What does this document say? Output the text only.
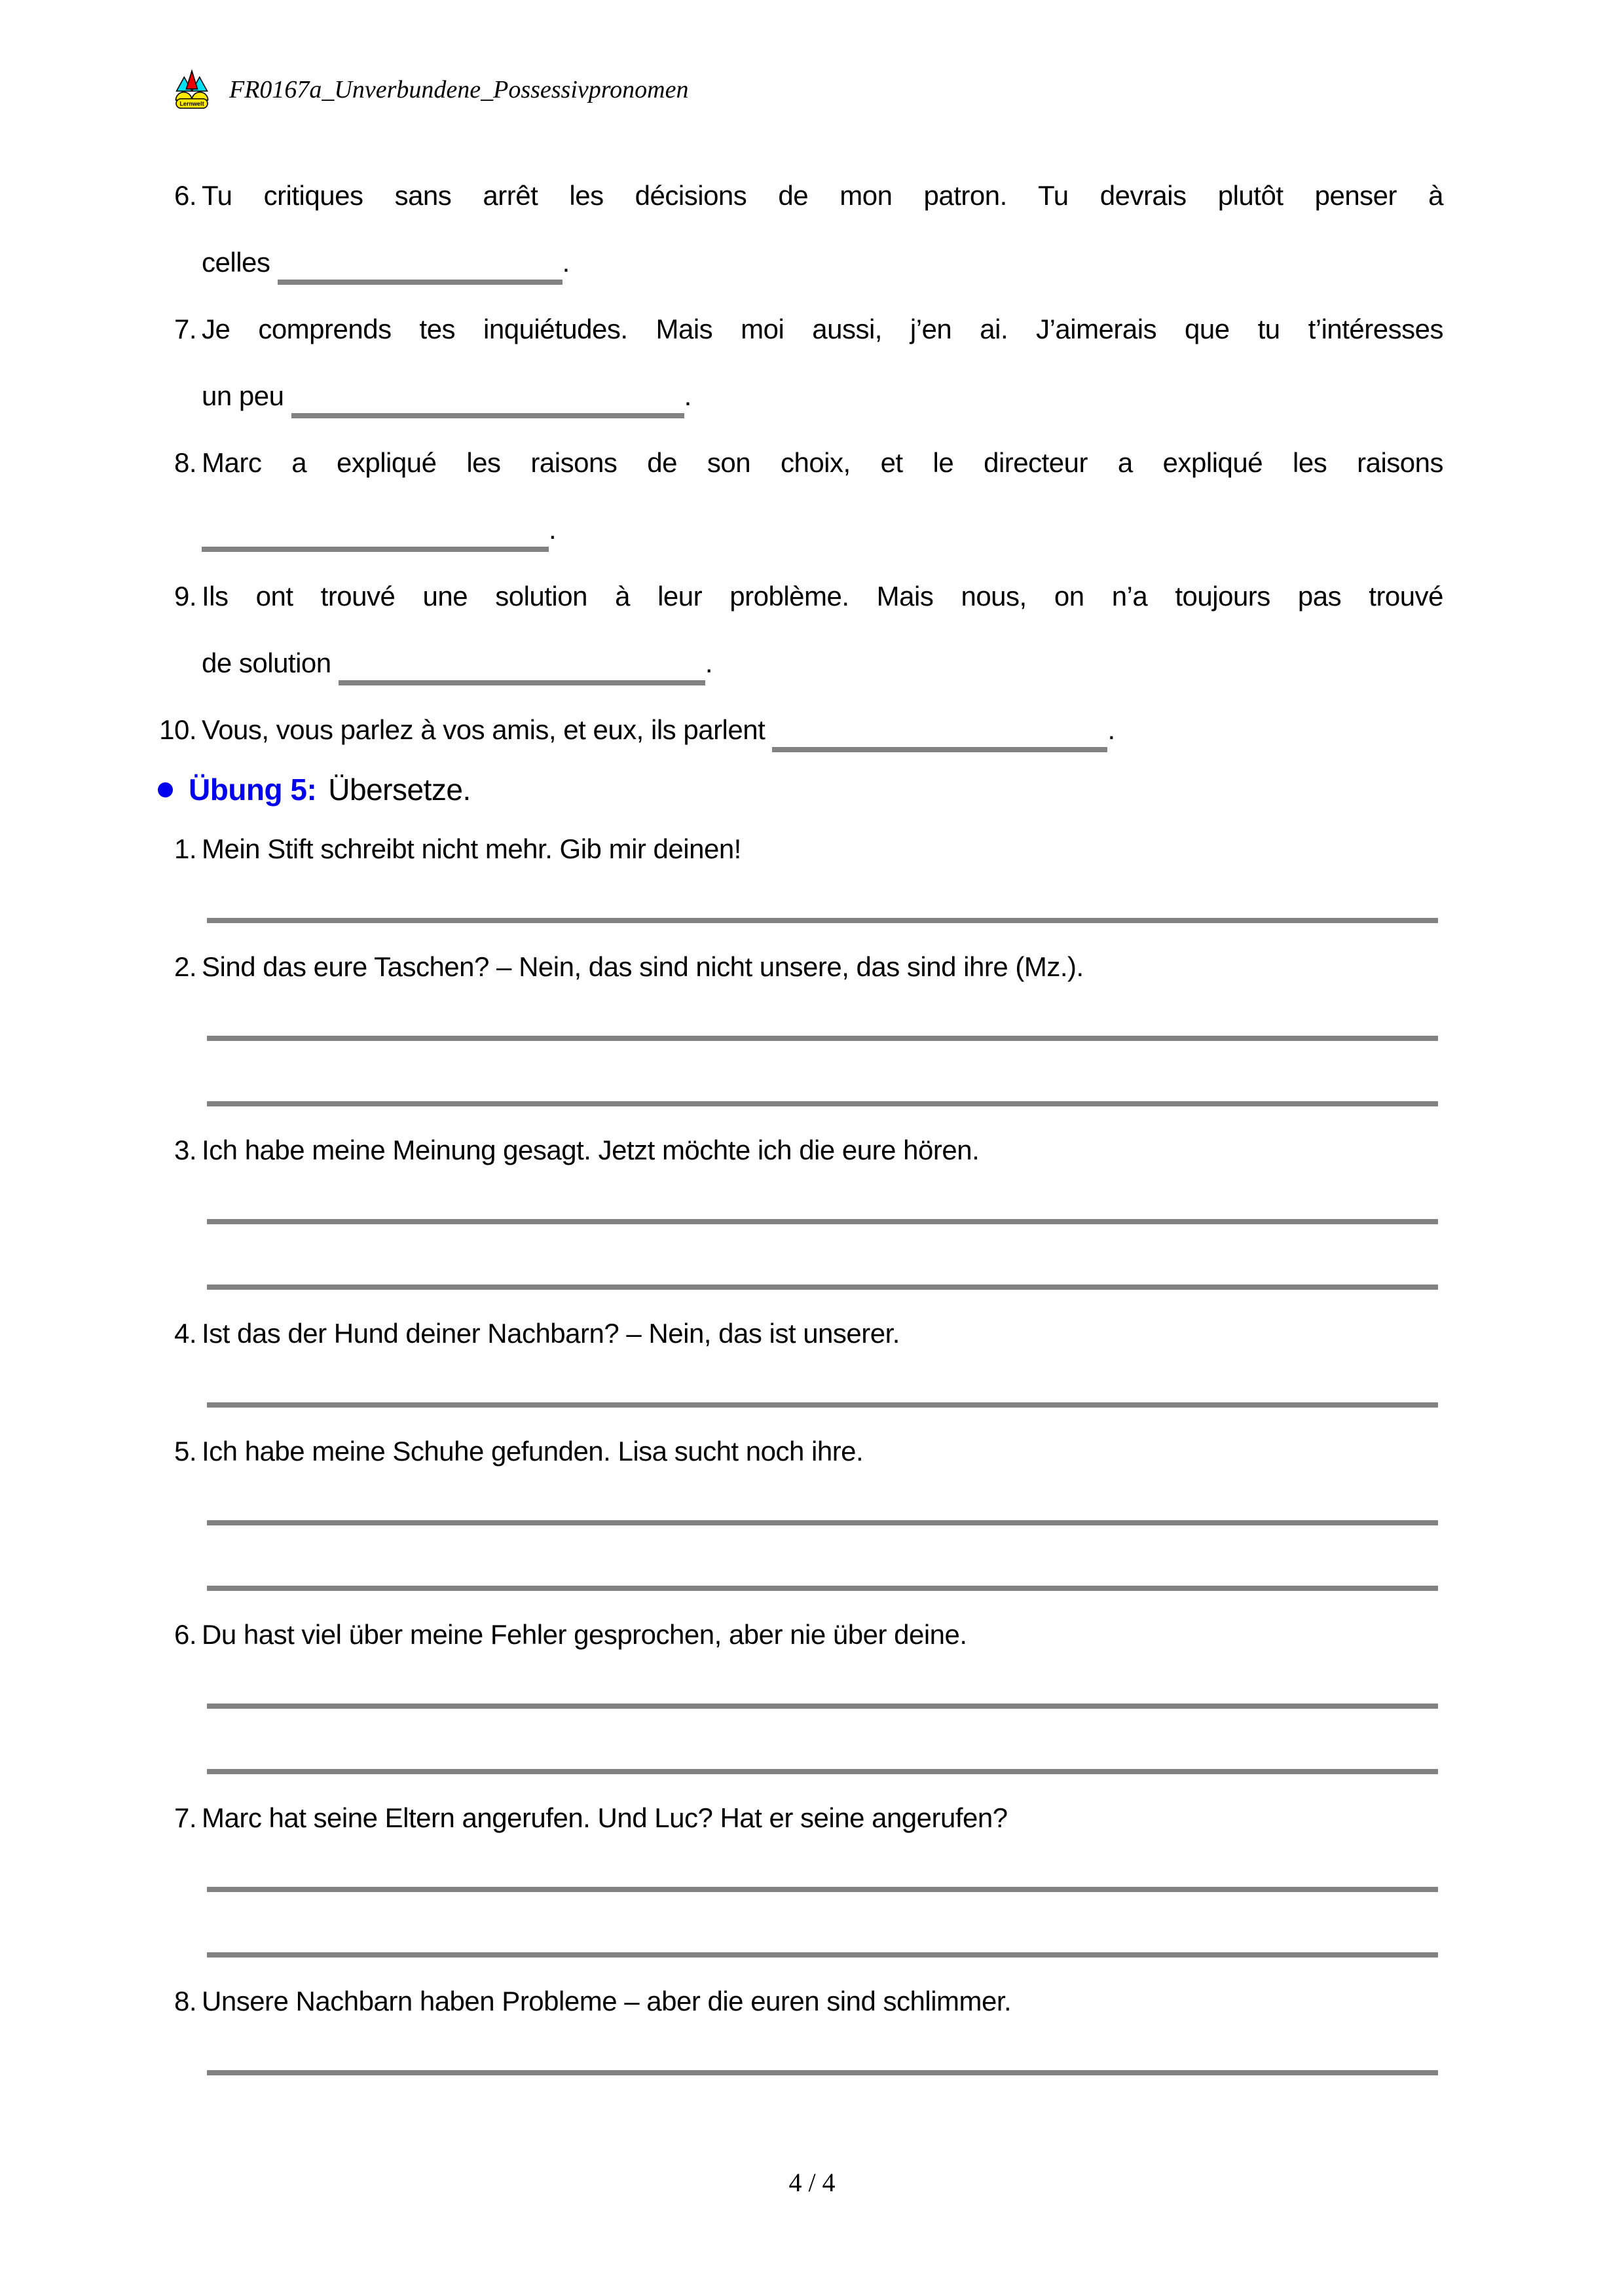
Lernwelt
FR0167a_Unverbundene_Possessivpronomen
6. Tu critiques sans arrêt les décisions de mon patron. Tu devrais plutôt penser à
celles	.
7. Je comprends tes inquiétudes. Mais moi aussi, j’en ai. J’aimerais que tu t’intéresses
un peu	.
8. Marc a expliqué les raisons de son choix, et le directeur a expliqué les raisons
.
9. Ils ont trouvé une solution à leur problème. Mais nous, on n’a toujours pas trouvé
de solution	.
10. Vous, vous parlez à vos amis, et eux, ils parlent	.
Übung 5: Übersetze.
1. Mein Stift schreibt nicht mehr. Gib mir deinen!
2. Sind das eure Taschen? – Nein, das sind nicht unsere, das sind ihre (Mz.).
3. Ich habe meine Meinung gesagt. Jetzt möchte ich die eure hören.
4. Ist das der Hund deiner Nachbarn? – Nein, das ist unserer.
5. Ich habe meine Schuhe gefunden. Lisa sucht noch ihre.
6. Du hast viel über meine Fehler gesprochen, aber nie über deine.
7. Marc hat seine Eltern angerufen. Und Luc? Hat er seine angerufen?
8. Unsere Nachbarn haben Probleme – aber die euren sind schlimmer.
4 / 4
